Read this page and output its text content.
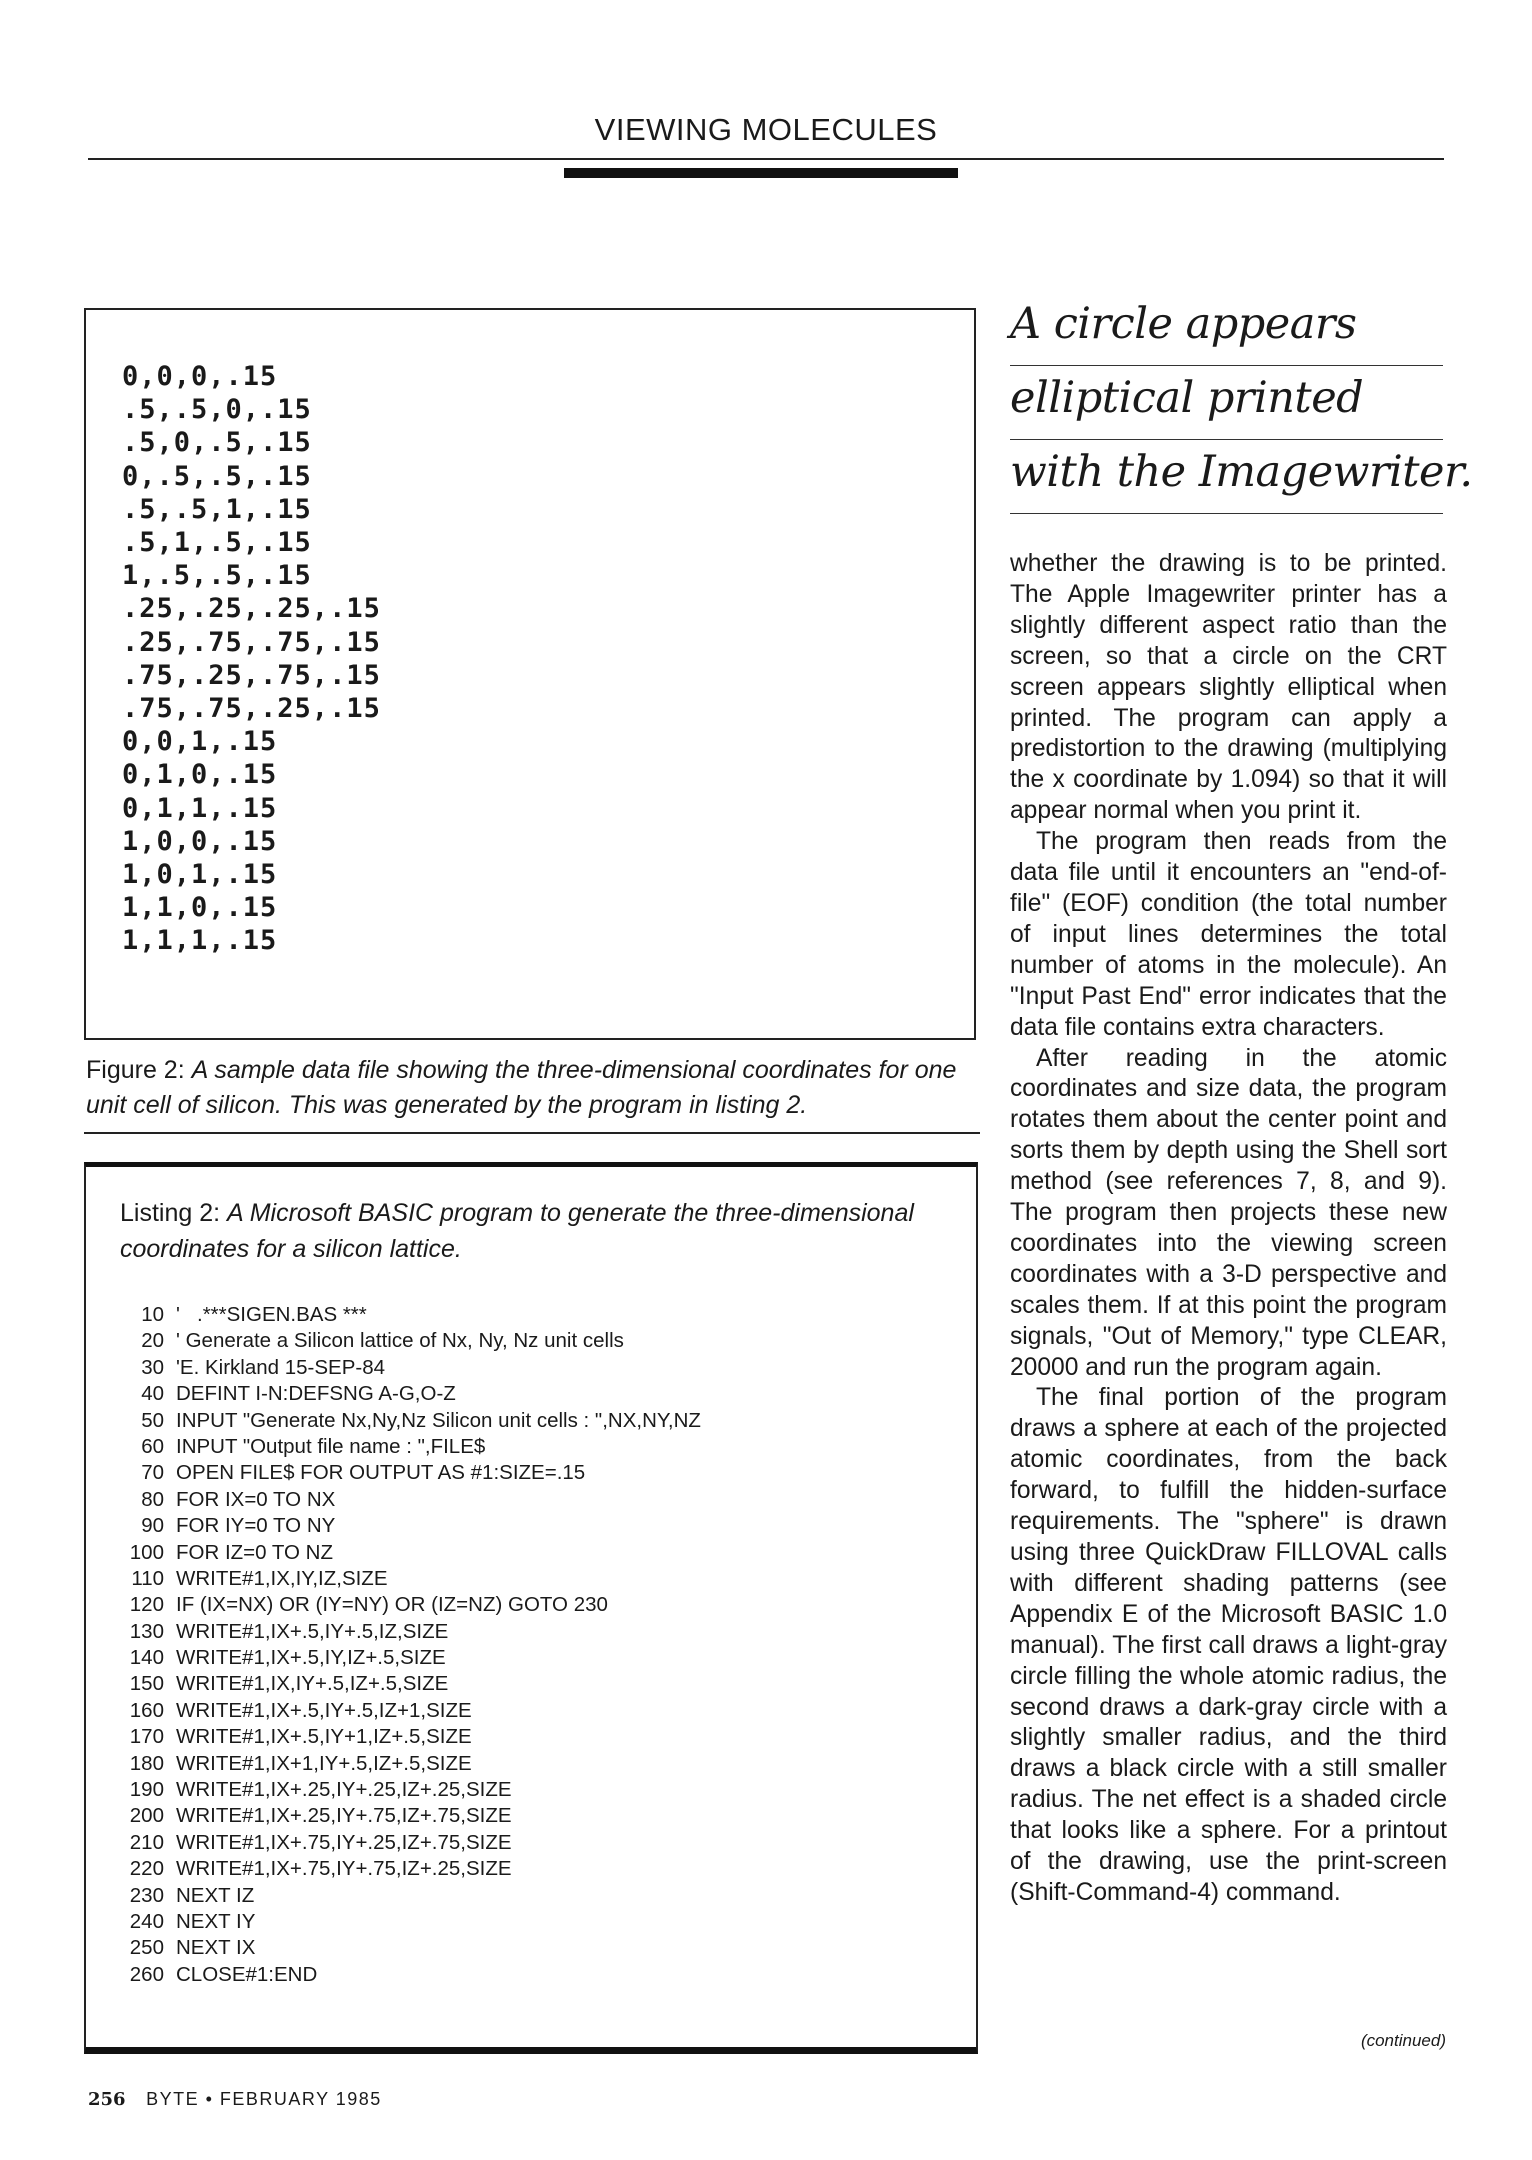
VIEWING MOLECULES
0,0,0,.15
.5,.5,0,.15
.5,0,.5,.15
0,.5,.5,.15
.5,.5,1,.15
.5,1,.5,.15
1,.5,.5,.15
.25,.25,.25,.15
.25,.75,.75,.15
.75,.25,.75,.15
.75,.75,.25,.15
0,0,1,.15
0,1,0,.15
0,1,1,.15
1,0,0,.15
1,0,1,.15
1,1,0,.15
1,1,1,.15
Figure 2: A sample data file showing the three-dimensional coordinates for one unit cell of silicon. This was generated by the program in listing 2.
Listing 2: A Microsoft BASIC program to generate the three-dimensional coordinates for a silicon lattice.
10 '   .***SIGEN.BAS ***
20 ' Generate a Silicon lattice of Nx, Ny, Nz unit cells
30 'E. Kirkland 15-SEP-84
40 DEFINT I-N:DEFSNG A-G,O-Z
50 INPUT "Generate Nx,Ny,Nz Silicon unit cells : ",NX,NY,NZ
60 INPUT "Output file name : ",FILE$
70 OPEN FILE$ FOR OUTPUT AS #1:SIZE=.15
80 FOR IX=0 TO NX
90 FOR IY=0 TO NY
100 FOR IZ=0 TO NZ
110 WRITE#1,IX,IY,IZ,SIZE
120 IF (IX=NX) OR (IY=NY) OR (IZ=NZ) GOTO 230
130 WRITE#1,IX+.5,IY+.5,IZ,SIZE
140 WRITE#1,IX+.5,IY,IZ+.5,SIZE
150 WRITE#1,IX,IY+.5,IZ+.5,SIZE
160 WRITE#1,IX+.5,IY+.5,IZ+1,SIZE
170 WRITE#1,IX+.5,IY+1,IZ+.5,SIZE
180 WRITE#1,IX+1,IY+.5,IZ+.5,SIZE
190 WRITE#1,IX+.25,IY+.25,IZ+.25,SIZE
200 WRITE#1,IX+.25,IY+.75,IZ+.75,SIZE
210 WRITE#1,IX+.75,IY+.25,IZ+.75,SIZE
220 WRITE#1,IX+.75,IY+.75,IZ+.25,SIZE
230 NEXT IZ
240 NEXT IY
250 NEXT IX
260 CLOSE#1:END
A circle appears
elliptical printed
with the Imagewriter.

whether the drawing is to be printed. The Apple Imagewriter printer has a slightly different aspect ratio than the screen, so that a circle on the CRT screen appears slightly elliptical when printed. The program can apply a predistortion to the drawing (multiplying the x coordinate by 1.094) so that it will appear normal when you print it.

The program then reads from the data file until it encounters an "end-of-file" (EOF) condition (the total number of input lines determines the total number of atoms in the molecule). An "Input Past End" error indicates that the data file contains extra characters.

After reading in the atomic coordinates and size data, the program rotates them about the center point and sorts them by depth using the Shell sort method (see references 7, 8, and 9). The program then projects these new coordinates into the viewing screen coordinates with a 3-D perspective and scales them. If at this point the program signals, "Out of Memory," type CLEAR, 20000 and run the program again.

The final portion of the program draws a sphere at each of the projected atomic coordinates, from the back forward, to fulfill the hidden-surface requirements. The "sphere" is drawn using three QuickDraw FILLOVAL calls with different shading patterns (see Appendix E of the Microsoft BASIC 1.0 manual). The first call draws a light-gray circle filling the whole atomic radius, the second draws a dark-gray circle with a slightly smaller radius, and the third draws a black circle with a still smaller radius. The net effect is a shaded circle that looks like a sphere. For a printout of the drawing, use the print-screen (Shift-Command-4) command.

(continued)
256 BYTE • FEBRUARY 1985
